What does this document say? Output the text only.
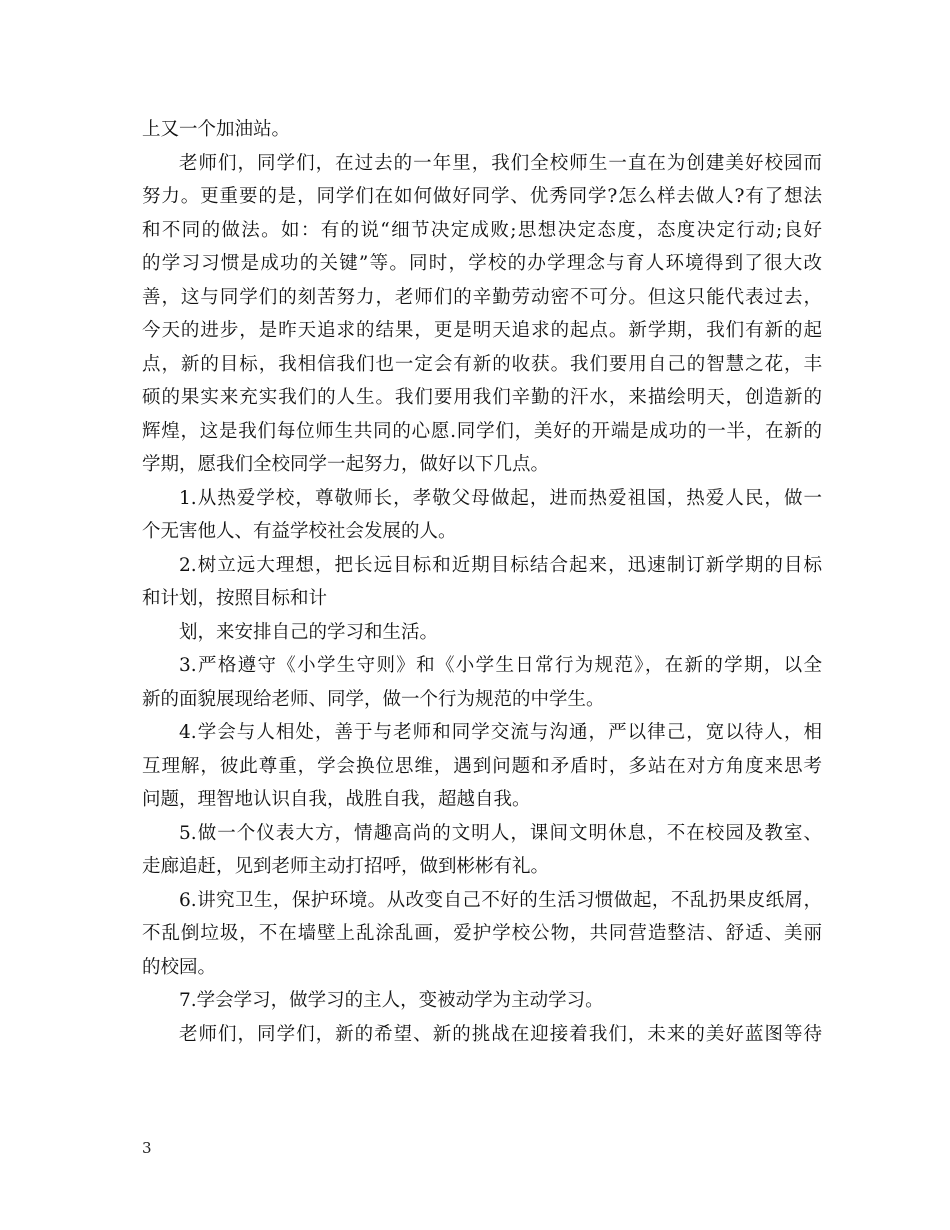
上又一个加油站。
老师们，同学们，在过去的一年里，我们全校师生一直在为创建美好校园而
努力。更重要的是，同学们在如何做好同学、优秀同学?怎么样去做人?有了想法
和不同的做法。如：有的说“细节决定成败;思想决定态度，态度决定行动;良好
的学习习惯是成功的关键”等。同时，学校的办学理念与育人环境得到了很大改
善，这与同学们的刻苦努力，老师们的辛勤劳动密不可分。但这只能代表过去，
今天的进步，是昨天追求的结果，更是明天追求的起点。新学期，我们有新的起
点，新的目标，我相信我们也一定会有新的收获。我们要用自己的智慧之花，丰
硕的果实来充实我们的人生。我们要用我们辛勤的汗水，来描绘明天，创造新的
辉煌，这是我们每位师生共同的心愿.同学们，美好的开端是成功的一半，在新的
学期，愿我们全校同学一起努力，做好以下几点。
1.从热爱学校，尊敬师长，孝敬父母做起，进而热爱祖国，热爱人民，做一
个无害他人、有益学校社会发展的人。
2.树立远大理想，把长远目标和近期目标结合起来，迅速制订新学期的目标
和计划，按照目标和计
划，来安排自己的学习和生活。
3.严格遵守《小学生守则》和《小学生日常行为规范》，在新的学期，以全
新的面貌展现给老师、同学，做一个行为规范的中学生。
4.学会与人相处，善于与老师和同学交流与沟通，严以律己，宽以待人，相
互理解，彼此尊重，学会换位思维，遇到问题和矛盾时，多站在对方角度来思考
问题，理智地认识自我，战胜自我，超越自我。
5.做一个仪表大方，情趣高尚的文明人，课间文明休息，不在校园及教室、
走廊追赶，见到老师主动打招呼，做到彬彬有礼。
6.讲究卫生，保护环境。从改变自己不好的生活习惯做起，不乱扔果皮纸屑，
不乱倒垃圾，不在墙壁上乱涂乱画，爱护学校公物，共同营造整洁、舒适、美丽
的校园。
7.学会学习，做学习的主人，变被动学为主动学习。
老师们，同学们，新的希望、新的挑战在迎接着我们，未来的美好蓝图等待
3
